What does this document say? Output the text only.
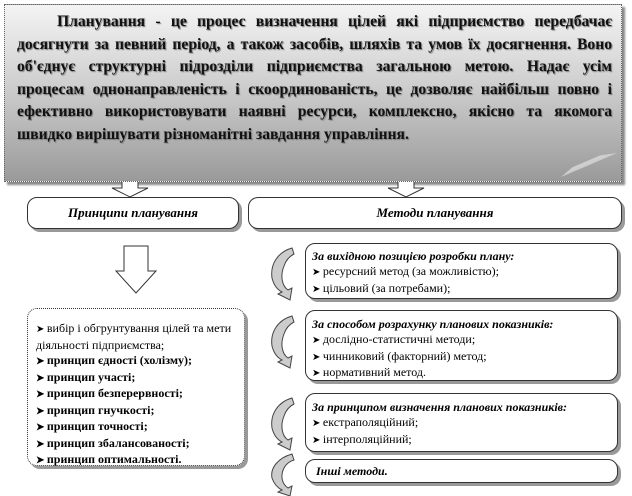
Планування - це процес визначення цілей які підприємство передбачає досягнути за певний період, а також засобів, шляхів та умов їх досягнення. Воно об'єднує структурні підрозділи підприємства загальною метою. Надає усім процесам однонаправленість і скоординованість, це дозволяє найбільш повно і ефективно використовувати наявні ресурси, комплексно, якісно та якомога швидко вирішувати різноманітні завдання управління.

Принципи планування	Методи планування
➤ вибір і обгрунтування цілей та мети діяльності підприємства;
➤ принцип єдності (холізму);
➤ принцип участі;
➤ принцип безперервності;
➤ принцип гнучкості;
➤ принцип точності;
➤ принцип збалансованості;
➤ принцип оптимальності.
За вихідною позицією розробки плану:
➤ ресурсний метод (за можливістю);
➤ цільовий (за потребами);
За способом розрахунку планових показників:
➤ дослідно-статистичні методи;
➤ чинниковий (факторний) метод;
➤ нормативний метод.
За принципом визначення планових показників:
➤ екстраполяційний;
➤ інтерполяційний;
Інші методи.
